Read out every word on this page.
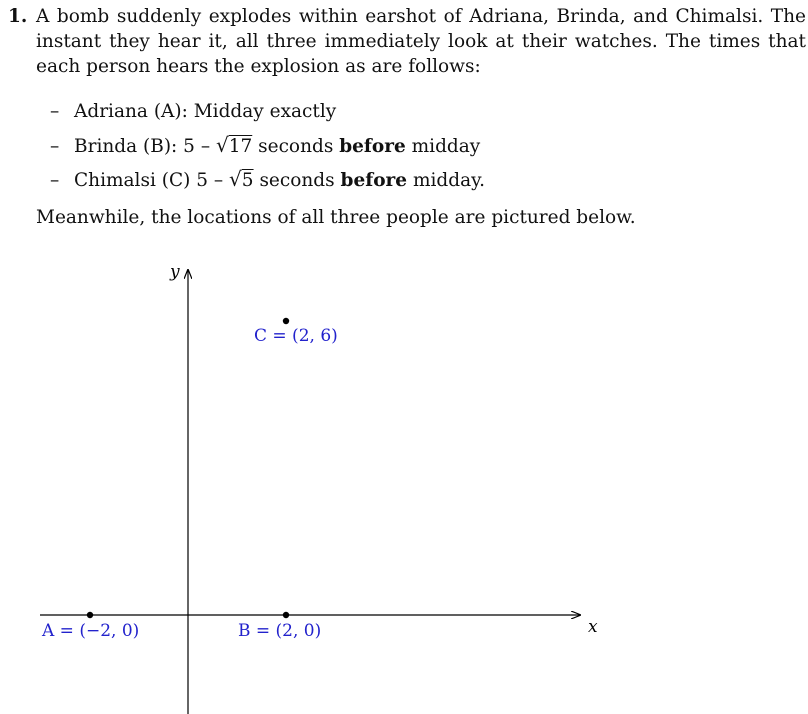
1. A bomb suddenly explodes within earshot of Adriana, Brinda, and Chimalsi. The instant they hear it, all three immediately look at their watches. The times that each person hears the explosion as are follows:
– Adriana (A): Midday exactly
– Brinda (B): 5 – √17 seconds before midday
– Chimalsi (C) 5 – √5 seconds before midday.
Meanwhile, the locations of all three people are pictured below.
x
y
A = (−2, 0)	B = (2, 0)
C = (2, 6)
